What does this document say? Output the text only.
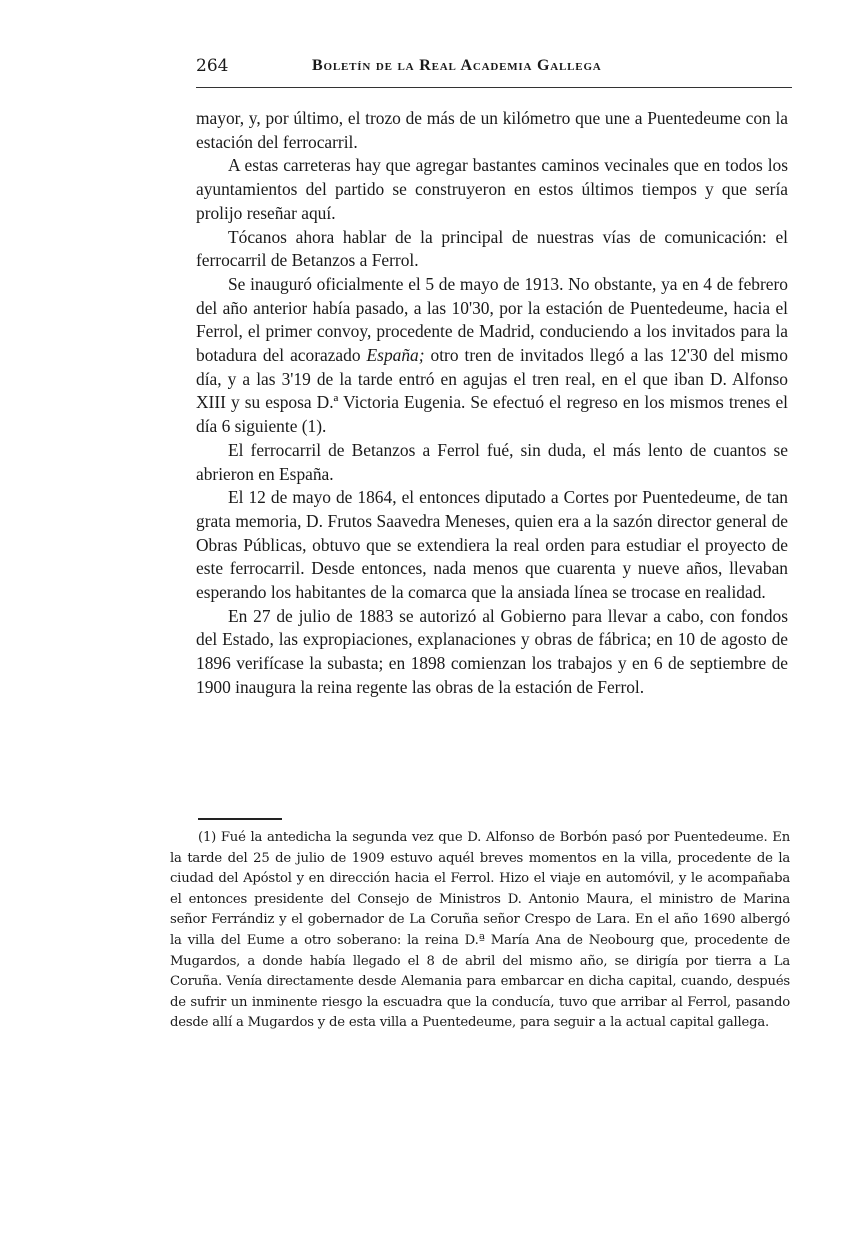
264	Boletín de la Real Academia Gallega

mayor, y, por último, el trozo de más de un kilómetro que une a Puentedeume con la estación del ferrocarril.

A estas carreteras hay que agregar bastantes caminos vecinales que en todos los ayuntamientos del partido se construyeron en estos últimos tiempos y que sería prolijo reseñar aquí.

Tócanos ahora hablar de la principal de nuestras vías de comunicación: el ferrocarril de Betanzos a Ferrol.

Se inauguró oficialmente el 5 de mayo de 1913. No obstante, ya en 4 de febrero del año anterior había pasado, a las 10'30, por la estación de Puentedeume, hacia el Ferrol, el primer convoy, procedente de Madrid, conduciendo a los invitados para la botadura del acorazado España; otro tren de invitados llegó a las 12'30 del mismo día, y a las 3'19 de la tarde entró en agujas el tren real, en el que iban D. Alfonso XIII y su esposa D.ª Victoria Eugenia. Se efectuó el regreso en los mismos trenes el día 6 siguiente (1).

El ferrocarril de Betanzos a Ferrol fué, sin duda, el más lento de cuantos se abrieron en España.

El 12 de mayo de 1864, el entonces diputado a Cortes por Puentedeume, de tan grata memoria, D. Frutos Saavedra Meneses, quien era a la sazón director general de Obras Públicas, obtuvo que se extendiera la real orden para estudiar el proyecto de este ferrocarril. Desde entonces, nada menos que cuarenta y nueve años, llevaban esperando los habitantes de la comarca que la ansiada línea se trocase en realidad.

En 27 de julio de 1883 se autorizó al Gobierno para llevar a cabo, con fondos del Estado, las expropiaciones, explanaciones y obras de fábrica; en 10 de agosto de 1896 verifícase la subasta; en 1898 comienzan los trabajos y en 6 de septiembre de 1900 inaugura la reina regente las obras de la estación de Ferrol.

(1) Fué la antedicha la segunda vez que D. Alfonso de Borbón pasó por Puentedeume. En la tarde del 25 de julio de 1909 estuvo aquél breves momentos en la villa, procedente de la ciudad del Apóstol y en dirección hacia el Ferrol. Hizo el viaje en automóvil, y le acompañaba el entonces presidente del Consejo de Ministros D. Antonio Maura, el ministro de Marina señor Ferrándiz y el gobernador de La Coruña señor Crespo de Lara. En el año 1690 albergó la villa del Eume a otro soberano: la reina D.ª María Ana de Neobourg que, procedente de Mugardos, a donde había llegado el 8 de abril del mismo año, se dirigía por tierra a La Coruña. Venía directamente desde Alemania para embarcar en dicha capital, cuando, después de sufrir un inminente riesgo la escuadra que la conducía, tuvo que arribar al Ferrol, pasando desde allí a Mugardos y de esta villa a Puentedeume, para seguir a la actual capital gallega.
